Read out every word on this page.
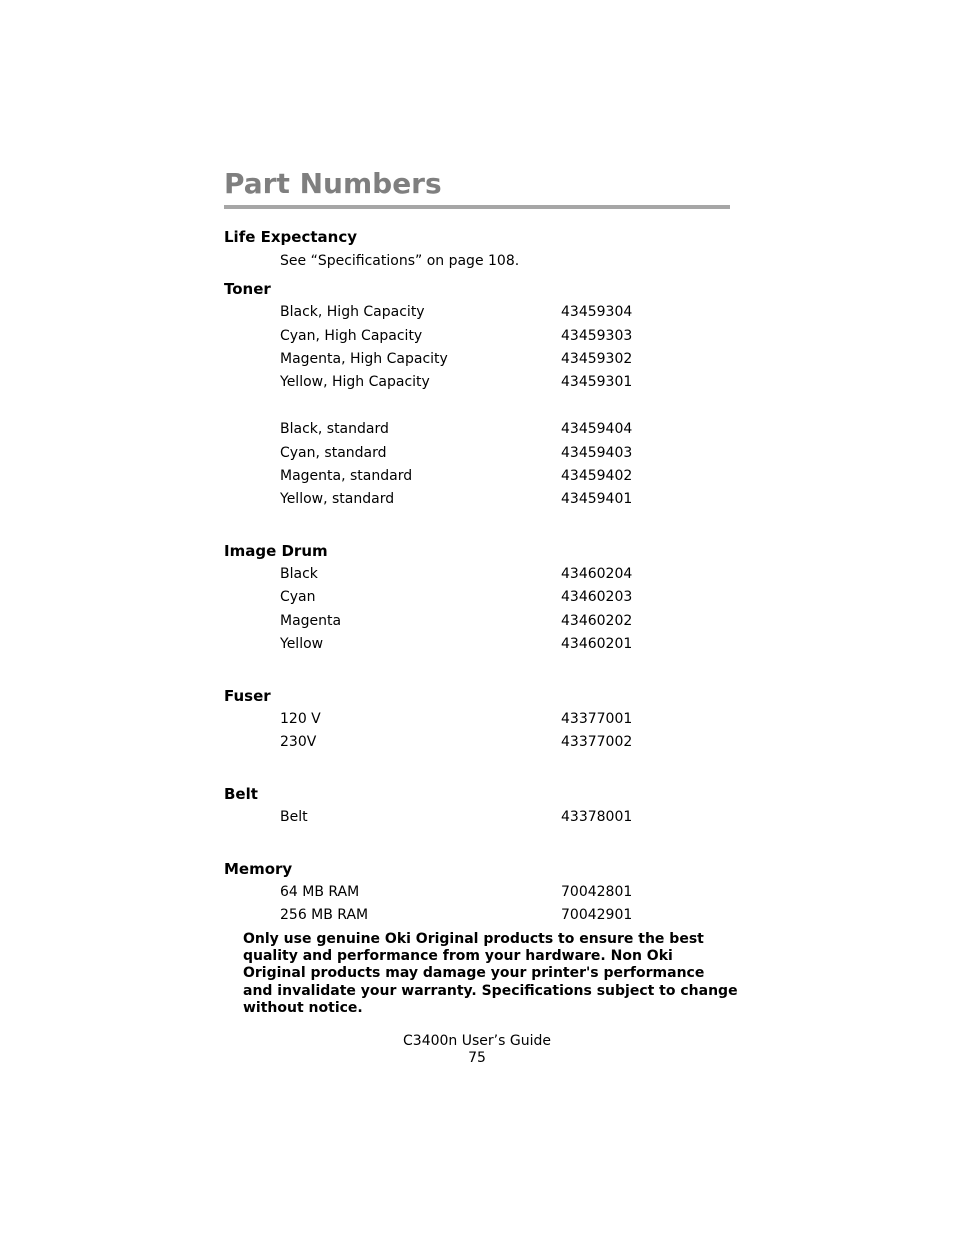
Part Numbers
Life Expectancy
See “Specifications” on page 108.
Toner
Black, High Capacity	43459304
Cyan, High Capacity	43459303
Magenta, High Capacity	43459302
Yellow, High Capacity	43459301
Black, standard	43459404
Cyan, standard	43459403
Magenta, standard	43459402
Yellow, standard	43459401
Image Drum
Black	43460204
Cyan	43460203
Magenta	43460202
Yellow	43460201
Fuser
120 V	43377001
230V	43377002
Belt
Belt	43378001
Memory
64 MB RAM	70042801
256 MB RAM	70042901

Only use genuine Oki Original products to ensure the best quality and performance from your hardware. Non Oki Original products may damage your printer's performance and invalidate your warranty. Specifications subject to change without notice.

C3400n User’s Guide
75
